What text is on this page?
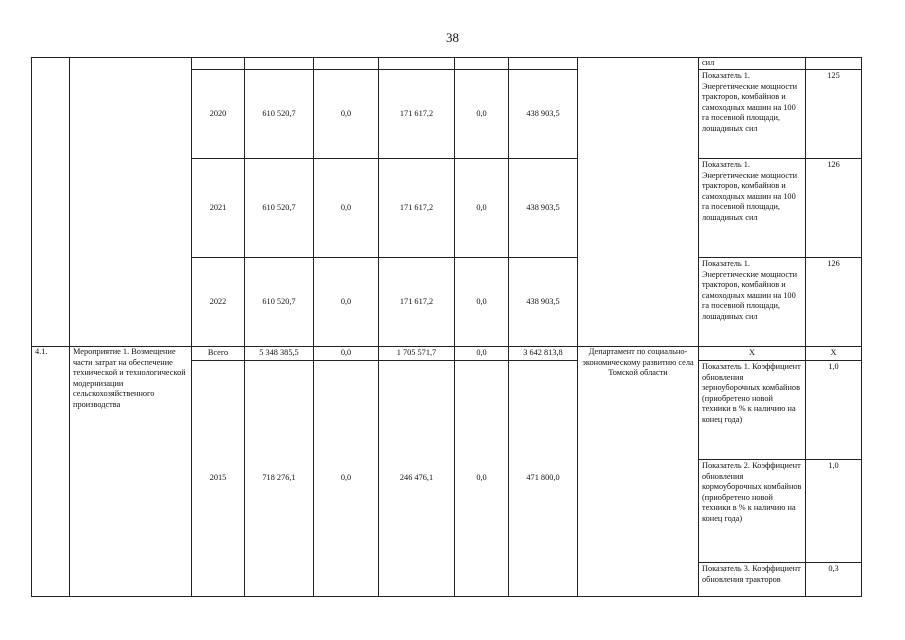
38
									сил	
		2020	610 520,7	0,0	171 617,2	0,0	438 903,5		Показатель 1. Энергетические мощности тракторов, комбайнов и самоходных машин на 100 га посевной площади, лошадиных сил	125
		2021	610 520,7	0,0	171 617,2	0,0	438 903,5		Показатель 1. Энергетические мощности тракторов, комбайнов и самоходных машин на 100 га посевной площади, лошадиных сил	126
		2022	610 520,7	0,0	171 617,2	0,0	438 903,5		Показатель 1. Энергетические мощности тракторов, комбайнов и самоходных машин на 100 га посевной площади, лошадиных сил	126
4.1.	Мероприятие 1. Возмещение части затрат на обеспечение технической и технологической модернизации сельскохозяйственного производства	Всего	5 348 385,5	0,0	1 705 571,7	0,0	3 642 813,8	Департамент по социально-экономическому развитию села Томской области	Х	Х
		2015	718 276,1	0,0	246 476,1	0,0	471 800,0		Показатель 1. Коэффициент обновления зерноуборочных комбайнов (приобретено новой техники в % к наличию на конец года)	1,0
									Показатель 2. Коэффициент обновления кормоуборочных комбайнов (приобретено новой техники в % к наличию на конец года)	1,0
									Показатель 3. Коэффициент обновления тракторов	0,3
